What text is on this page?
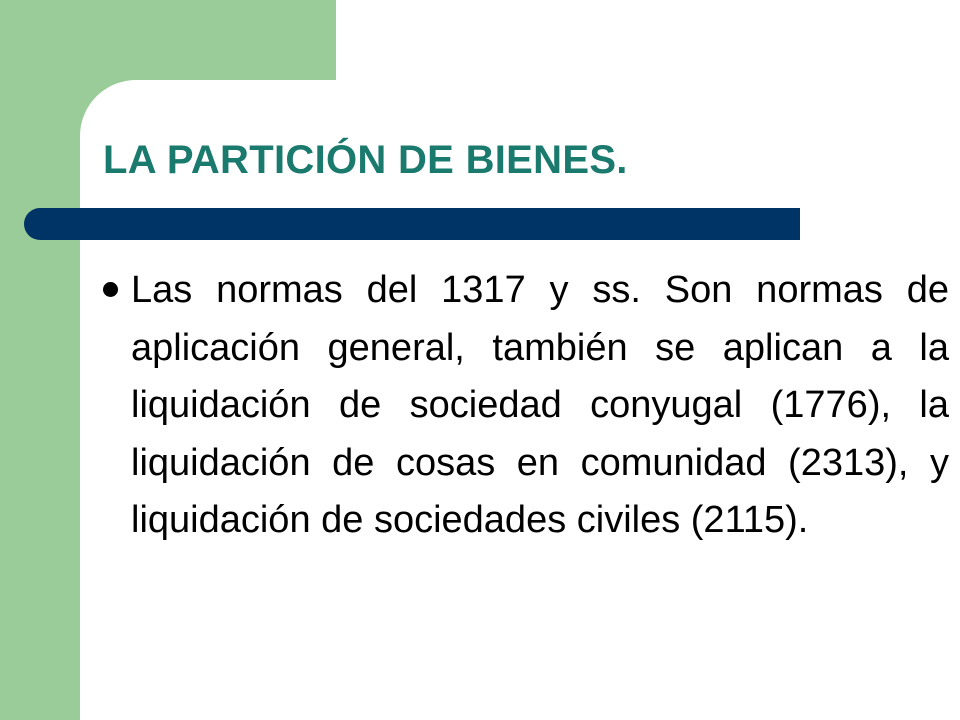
LA PARTICIÓN DE BIENES.

Las normas del 1317 y ss. Son normas de aplicación general, también se aplican a la liquidación de sociedad conyugal (1776), la liquidación de cosas en comunidad (2313), y liquidación de sociedades civiles (2115).
